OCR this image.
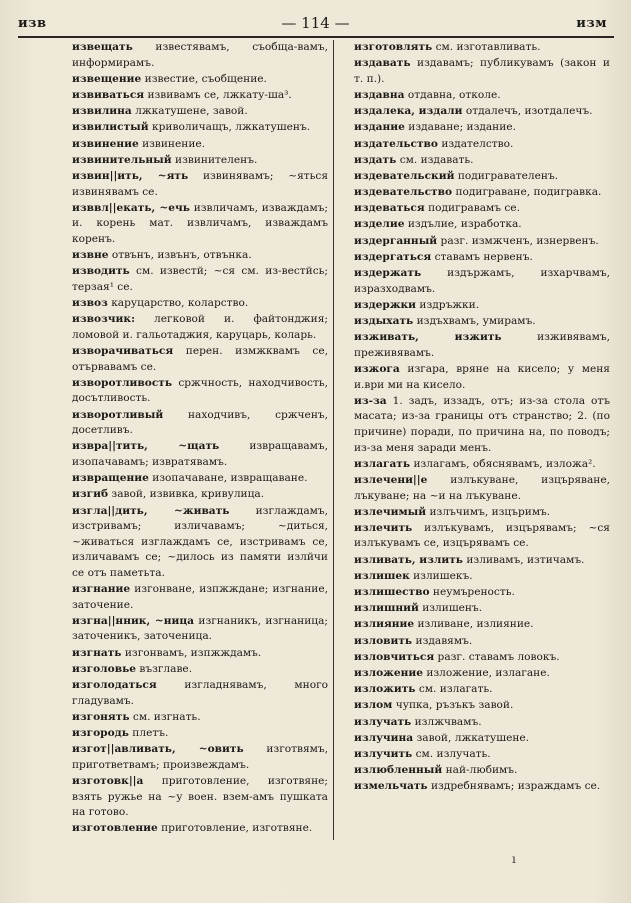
изв	— 114 —	изм
извещать известявамъ, съобща-вамъ, информирамъ.
извещение известие, съобщение.
извиваться извивамъ се, лжкату-ша³.
извилина лжкатушене, завой.
извилистый криволичащъ, лжкатушенъ.
извинение извинение.
извинительный извинителенъ.
извин||ить, ~ять извинявамъ; ~яться извинявамъ се.
изввл||екать, ~ечь извличамъ, изваждамъ; и. корень мат. извличамъ, изваждамъ коренъ.
извне отвънъ, извънъ, отвънка.
изводить см. известй; ~ся см. из-вестйсь; терзая¹ се.
извоз каруцарство, коларство.
извозчик: легковой и. файтонджия; ломовой и. гальотаджия, каруцарь, коларь.
изворачиваться перен. измжквамъ се, отървавамъ се.
изворотливость сржчность, находчивость, досътливость.
изворотливый находчивъ, сржченъ, досетливъ.
извра||тить, ~щать	извращавамъ, изопачавамъ; извратявамъ.
извращение изопачаване, извращаване.
изгиб завой, извивка, кривулица.
изгла||дить, ~живать изглаждамъ, изстривамъ; изличавамъ; ~диться, ~живаться изглаждамъ се, изстривамъ се, изличавамъ се; ~дилось из памяти излйчи се отъ паметьта.
изгнание изгонване, изпжждане; изгнание, заточение.
изгна||нник, ~ница изгнаникъ, изгнаница; заточеникъ, заточеница.
изгнать изгонвамъ, изпжждамъ.
изголовье възглаве.
изголодаться	изгладнявамъ, много гладувамъ.
изгонять см. изгнать.
изгородь плетъ.
изгот||авливать, ~овить изготвямъ, пригответвамъ; произвеждамъ.
изготовк||а приготовление, изготвяне; взять ружье на ~у воен. взем-амъ пушката на готово.
изготовление приготовление, изготвяне.
изготовлять см. изготавливать.
издавать издавамъ; публикувамъ (закон и т. п.).
издавна отдавна, отколе.
издалека, издали отдалечъ, изотдалечъ.
издание издаване; издание.
издательство издателство.
издать см. издавать.
издевательский подигравателенъ.
издевательство подиграване, подигравка.
издеваться подигравамъ се.
изделие издълие, изработка.
издерганный разг. измжченъ, изнервенъ.
издергаться ставамъ нервенъ.
издержать издържамъ, изхарчвамъ, изразходвамъ.
издержки издръжки.
издыхать издъхвамъ, умирамъ.
изживать, изжить	изживявамъ, преживявамъ.
изжога изгара, вряне на кисело; у меня и.ври ми на кисело.
из-за 1. задъ, иззадъ, отъ; из-за стола отъ масата; из-за границы отъ странство; 2. (по причине) поради, по причина на, по поводъ; из-за меня заради менъ.
излагать излагамъ, обяснявамъ, изложа².
излечени||е излъкуване, изцъряване, лъкуване; на ~и на лъкуване.
излечимый излъчимъ, изцъримъ.
излечить излъкувамъ, изцърявамъ; ~ся излъкувамъ се, изцърявамъ се.
изливать, излить изливамъ, изтичамъ.
излишек излишекъ.
излишество неумъреность.
излишний излишенъ.
излияние изливане, излияние.
изловить издавямъ.
изловчиться разг. ставамъ ловокъ.
изложение изложение, излагане.
изложить см. излагать.
излом чупка, ръзъкъ завой.
излучать излжчвамъ.
излучина завой, лжкатушене.
излучить см. излучать.
излюбленный най-любимъ.
измельчать издребнявамъ; израждамъ се.
ı
